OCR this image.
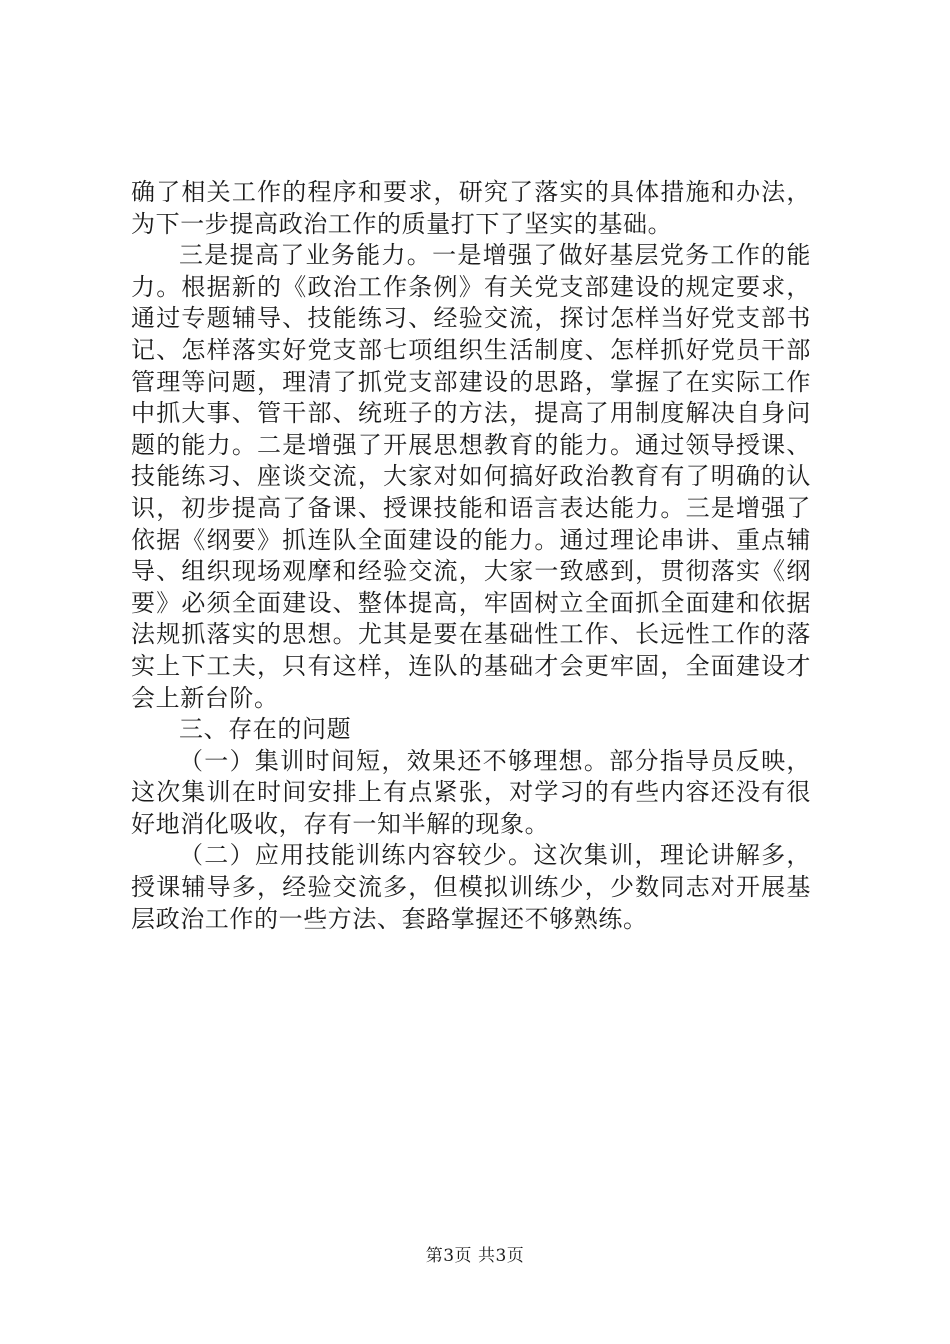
确了相关工作的程序和要求，研究了落实的具体措施和办法，为下一步提高政治工作的质量打下了坚实的基础。

三是提高了业务能力。一是增强了做好基层党务工作的能力。根据新的《政治工作条例》有关党支部建设的规定要求，通过专题辅导、技能练习、经验交流，探讨怎样当好党支部书记、怎样落实好党支部七项组织生活制度、怎样抓好党员干部管理等问题，理清了抓党支部建设的思路，掌握了在实际工作中抓大事、管干部、统班子的方法，提高了用制度解决自身问题的能力。二是增强了开展思想教育的能力。通过领导授课、技能练习、座谈交流，大家对如何搞好政治教育有了明确的认识，初步提高了备课、授课技能和语言表达能力。三是增强了依据《纲要》抓连队全面建设的能力。通过理论串讲、重点辅导、组织现场观摩和经验交流，大家一致感到，贯彻落实《纲要》必须全面建设、整体提高，牢固树立全面抓全面建和依据法规抓落实的思想。尤其是要在基础性工作、长远性工作的落实上下工夫，只有这样，连队的基础才会更牢固，全面建设才会上新台阶。

三、存在的问题

（一）集训时间短，效果还不够理想。部分指导员反映，这次集训在时间安排上有点紧张，对学习的有些内容还没有很好地消化吸收，存有一知半解的现象。

（二）应用技能训练内容较少。这次集训，理论讲解多，授课辅导多，经验交流多，但模拟训练少，少数同志对开展基层政治工作的一些方法、套路掌握还不够熟练。

第3页 共3页
